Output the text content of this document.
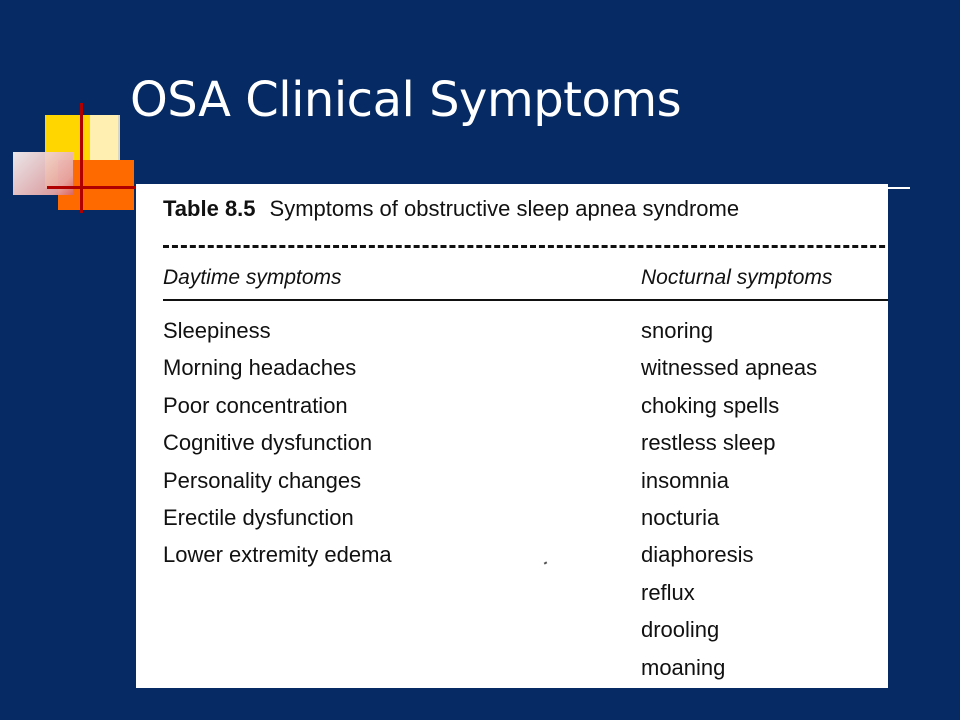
OSA Clinical Symptoms
Table 8.5 Symptoms of obstructive sleep apnea syndrome
Daytime symptoms	Nocturnal symptoms
Sleepiness
Morning headaches
Poor concentration
Cognitive dysfunction
Personality changes
Erectile dysfunction
Lower extremity edema
snoring
witnessed apneas
choking spells
restless sleep
insomnia
nocturia
diaphoresis
reflux
drooling
moaning
